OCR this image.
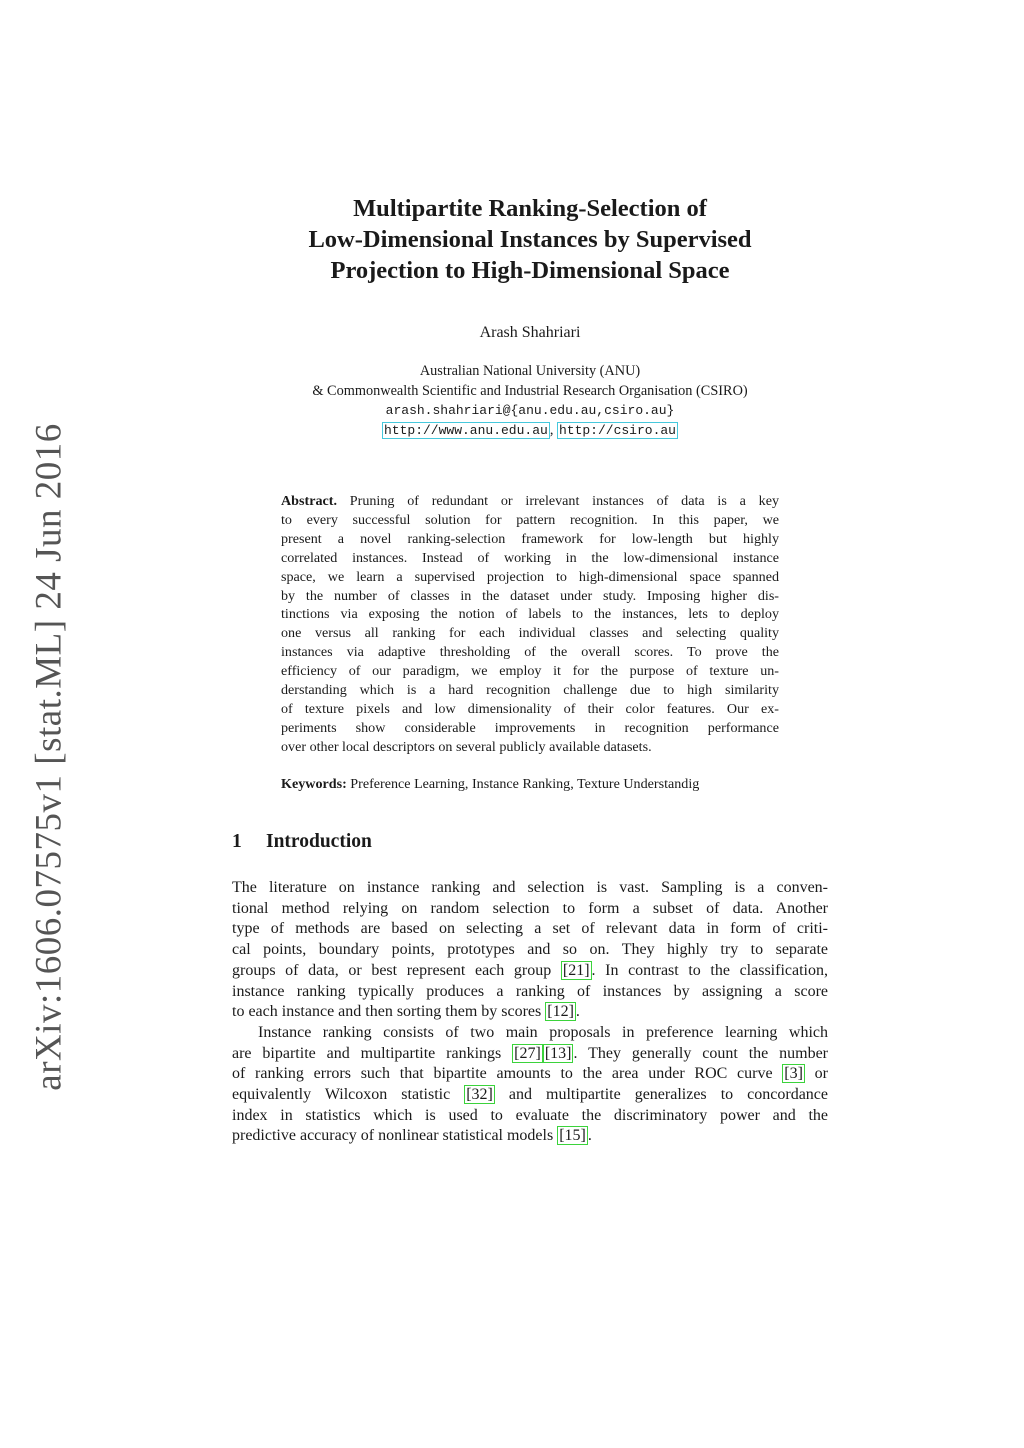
arXiv:1606.07575v1 [stat.ML] 24 Jun 2016
Multipartite Ranking-Selection of
Low-Dimensional Instances by Supervised
Projection to High-Dimensional Space
Arash Shahriari
Australian National University (ANU)
& Commonwealth Scientific and Industrial Research Organisation (CSIRO)
arash.shahriari@{anu.edu.au,csiro.au}
http://www.anu.edu.au , http://csiro.au
Abstract. Pruning of redundant or irrelevant instances of data is a key
to every successful solution for pattern recognition. In this paper, we
present a novel ranking-selection framework for low-length but highly
correlated instances. Instead of working in the low-dimensional instance
space, we learn a supervised projection to high-dimensional space spanned
by the number of classes in the dataset under study. Imposing higher dis-
tinctions via exposing the notion of labels to the instances, lets to deploy
one versus all ranking for each individual classes and selecting quality
instances via adaptive thresholding of the overall scores. To prove the
efficiency of our paradigm, we employ it for the purpose of texture un-
derstanding which is a hard recognition challenge due to high similarity
of texture pixels and low dimensionality of their color features. Our ex-
periments show considerable improvements in recognition performance
over other local descriptors on several publicly available datasets.
Keywords: Preference Learning, Instance Ranking, Texture Understandig
1 Introduction
The literature on instance ranking and selection is vast. Sampling is a conven-
tional method relying on random selection to form a subset of data. Another
type of methods are based on selecting a set of relevant data in form of criti-
cal points, boundary points, prototypes and so on. They highly try to separate
groups of data, or best represent each group [21] . In contrast to the classification,
instance ranking typically produces a ranking of instances by assigning a score
to each instance and then sorting them by scores [12] .
Instance ranking consists of two main proposals in preference learning which
are bipartite and multipartite rankings [27] [13] . They generally count the number
of ranking errors such that bipartite amounts to the area under ROC curve [3] or
equivalently Wilcoxon statistic [32] and multipartite generalizes to concordance
index in statistics which is used to evaluate the discriminatory power and the
predictive accuracy of nonlinear statistical models [15] .
